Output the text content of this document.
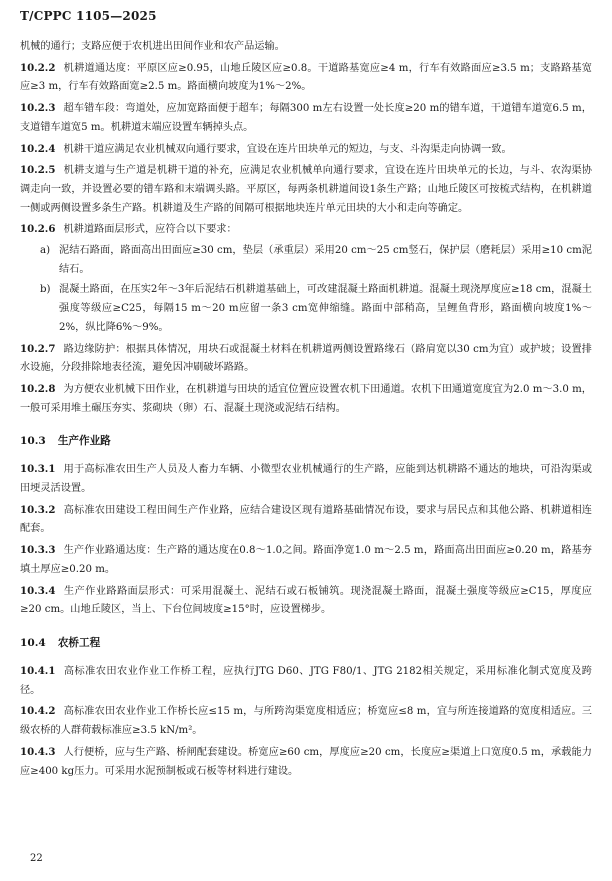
T/CPPC 1105—2025

机械的通行；支路应便于农机进出田间作业和农产品运输。

10.2.2 机耕道通达度：平原区应≥0.95，山地丘陵区应≥0.8。干道路基宽应≥4 m，行车有效路面应≥3.5 m；支路路基宽应≥3 m，行车有效路面宽≥2.5 m。路面横向坡度为1%～2%。

10.2.3 超车错车段：弯道处，应加宽路面便于超车；每隔300 m左右设置一处长度≥20 m的错车道，干道错车道宽6.5 m，支道错车道宽5 m。机耕道末端应设置车辆掉头点。

10.2.4 机耕干道应满足农业机械双向通行要求，宜设在连片田块单元的短边，与支、斗沟渠走向协调一致。

10.2.5 机耕支道与生产道是机耕干道的补充，应满足农业机械单向通行要求，宜设在连片田块单元的长边，与斗、农沟渠协调走向一致，并设置必要的错车路和末端调头路。平原区，每两条机耕道间设1条生产路；山地丘陵区可按梳式结构，在机耕道一侧或两侧设置多条生产路。机耕道及生产路的间隔可根据地块连片单元田块的大小和走向等确定。

10.2.6 机耕道路面层形式，应符合以下要求：

a) 泥结石路面，路面高出田面应≥30 cm，垫层（承重层）采用20 cm～25 cm竖石，保护层（磨耗层）采用≥10 cm泥结石。

b) 混凝土路面，在压实2年～3年后泥结石机耕道基础上，可改建混凝土路面机耕道。混凝土现浇厚度应≥18 cm，混凝土强度等级应≥C25，每隔15 m～20 m应留一条3 cm宽伸缩缝。路面中部稍高，呈鲤鱼背形，路面横向坡度1%～2%，纵比降6%～9%。

10.2.7 路边缘防护：根据具体情况，用块石或混凝土材料在机耕道两侧设置路缘石（路肩宽以30 cm为宜）或护坡；设置排水设施，分段排除地表径流，避免因冲刷破坏路路。

10.2.8 为方便农业机械下田作业，在机耕道与田块的适宜位置应设置农机下田通道。农机下田通道宽度宜为2.0 m～3.0 m，一般可采用堆土碾压夯实、浆砌块（卵）石、混凝土现浇或泥结石结构。

10.3 生产作业路

10.3.1 用于高标准农田生产人员及人畜力车辆、小微型农业机械通行的生产路，应能到达机耕路不通达的地块，可沿沟渠或田埂灵活设置。

10.3.2 高标准农田建设工程田间生产作业路，应结合建设区现有道路基础情况布设，要求与居民点和其他公路、机耕道相连配套。

10.3.3 生产作业路通达度：生产路的通达度在0.8～1.0之间。路面净宽1.0 m～2.5 m，路面高出田面应≥0.20 m，路基夯填土厚应≥0.20 m。

10.3.4 生产作业路路面层形式：可采用混凝土、泥结石或石板铺筑。现浇混凝土路面，混凝土强度等级应≥C15，厚度应≥20 cm。山地丘陵区，当上、下台位间坡度≥15°时，应设置梯步。

10.4 农桥工程

10.4.1 高标准农田农业作业工作桥工程，应执行JTG D60、JTG F80/1、JTG 2182相关规定，采用标准化制式宽度及跨径。

10.4.2 高标准农田农业作业工作桥长应≤15 m，与所跨沟渠宽度相适应；桥宽应≤8 m，宜与所连接道路的宽度相适应。三级农桥的人群荷载标准应≥3.5 kN/m²。

10.4.3 人行便桥，应与生产路、桥闸配套建设。桥宽应≥60 cm，厚度应≥20 cm，长度应≥渠道上口宽度0.5 m，承载能力应≥400 kg压力。可采用水泥预制板或石板等材料进行建设。

22
